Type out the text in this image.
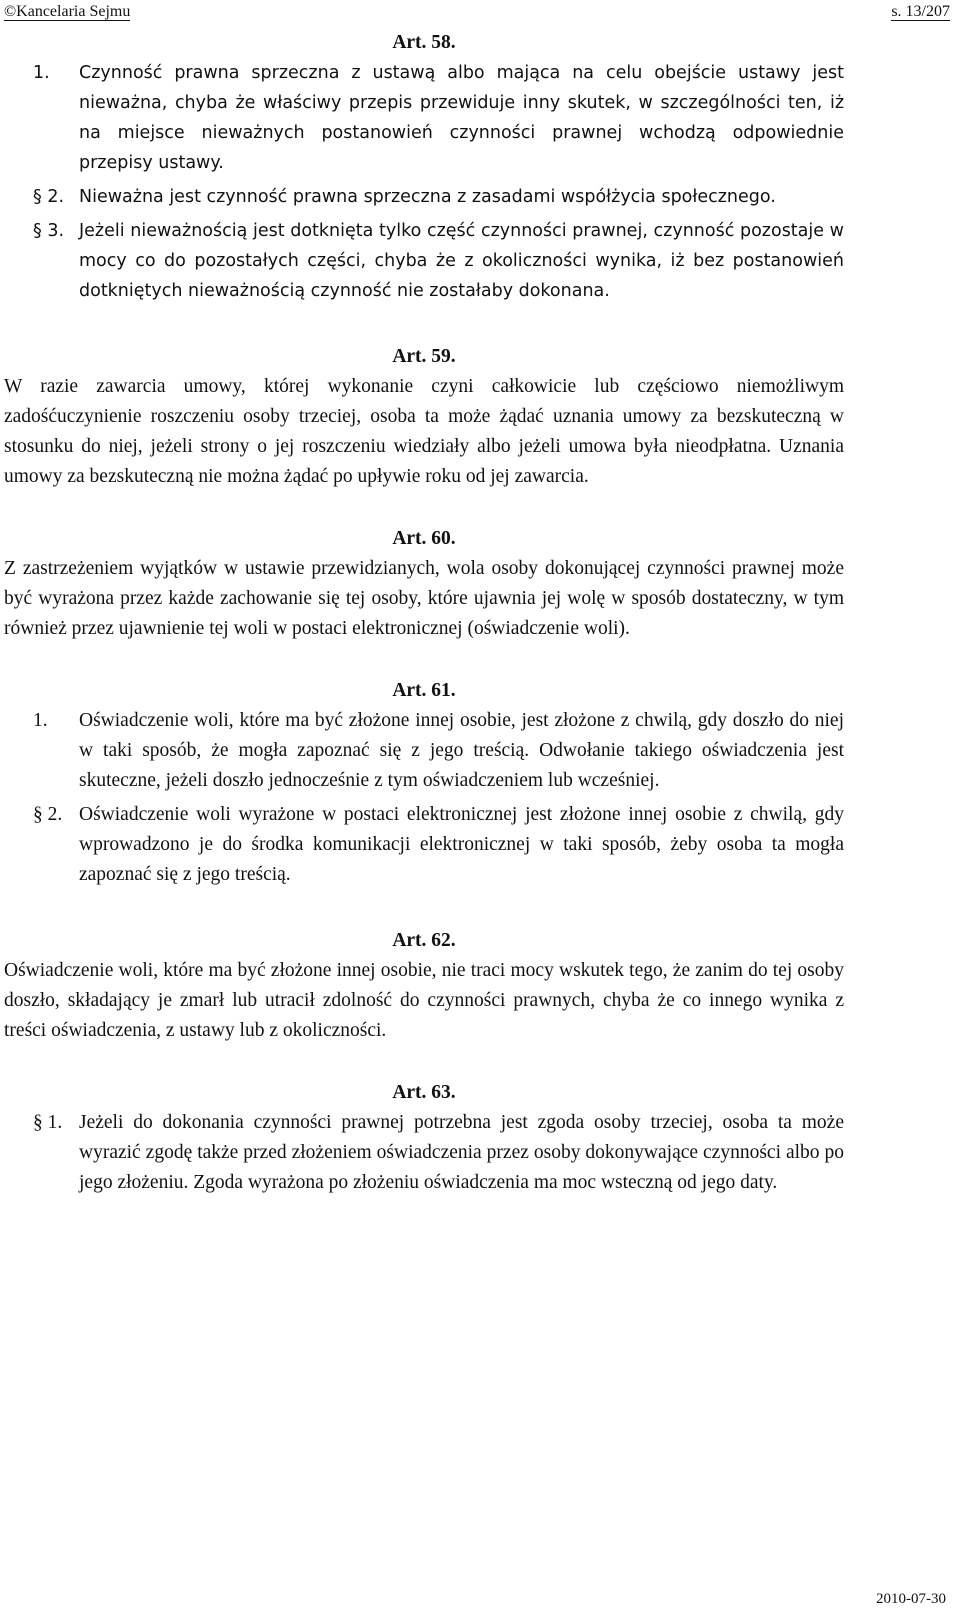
©Kancelaria Sejmu	s. 13/207

Art. 58.

1. Czynność prawna sprzeczna z ustawą albo mająca na celu obejście ustawy jest nieważna, chyba że właściwy przepis przewiduje inny skutek, w szczególności ten, iż na miejsce nieważnych postanowień czynności prawnej wchodzą odpowiednie przepisy ustawy.
§ 2. Nieważna jest czynność prawna sprzeczna z zasadami współżycia społecznego.
§ 3. Jeżeli nieważnością jest dotknięta tylko część czynności prawnej, czynność pozostaje w mocy co do pozostałych części, chyba że z okoliczności wynika, iż bez postanowień dotkniętych nieważnością czynność nie zostałaby dokonana.

Art. 59.

W razie zawarcia umowy, której wykonanie czyni całkowicie lub częściowo niemożliwym zadośćuczynienie roszczeniu osoby trzeciej, osoba ta może żądać uznania umowy za bezskuteczną w stosunku do niej, jeżeli strony o jej roszczeniu wiedziały albo jeżeli umowa była nieodpłatna. Uznania umowy za bezskuteczną nie można żądać po upływie roku od jej zawarcia.

Art. 60.

Z zastrzeżeniem wyjątków w ustawie przewidzianych, wola osoby dokonującej czynności prawnej może być wyrażona przez każde zachowanie się tej osoby, które ujawnia jej wolę w sposób dostateczny, w tym również przez ujawnienie tej woli w postaci elektronicznej (oświadczenie woli).

Art. 61.

1. Oświadczenie woli, które ma być złożone innej osobie, jest złożone z chwilą, gdy doszło do niej w taki sposób, że mogła zapoznać się z jego treścią. Odwołanie takiego oświadczenia jest skuteczne, jeżeli doszło jednocześnie z tym oświadczeniem lub wcześniej.
§ 2. Oświadczenie woli wyrażone w postaci elektronicznej jest złożone innej osobie z chwilą, gdy wprowadzono je do środka komunikacji elektronicznej w taki sposób, żeby osoba ta mogła zapoznać się z jego treścią.

Art. 62.

Oświadczenie woli, które ma być złożone innej osobie, nie traci mocy wskutek tego, że zanim do tej osoby doszło, składający je zmarł lub utracił zdolność do czynności prawnych, chyba że co innego wynika z treści oświadczenia, z ustawy lub z okoliczności.

Art. 63.

§ 1. Jeżeli do dokonania czynności prawnej potrzebna jest zgoda osoby trzeciej, osoba ta może wyrazić zgodę także przed złożeniem oświadczenia przez osoby dokonywające czynności albo po jego złożeniu. Zgoda wyrażona po złożeniu oświadczenia ma moc wsteczną od jego daty.
2010-07-30
